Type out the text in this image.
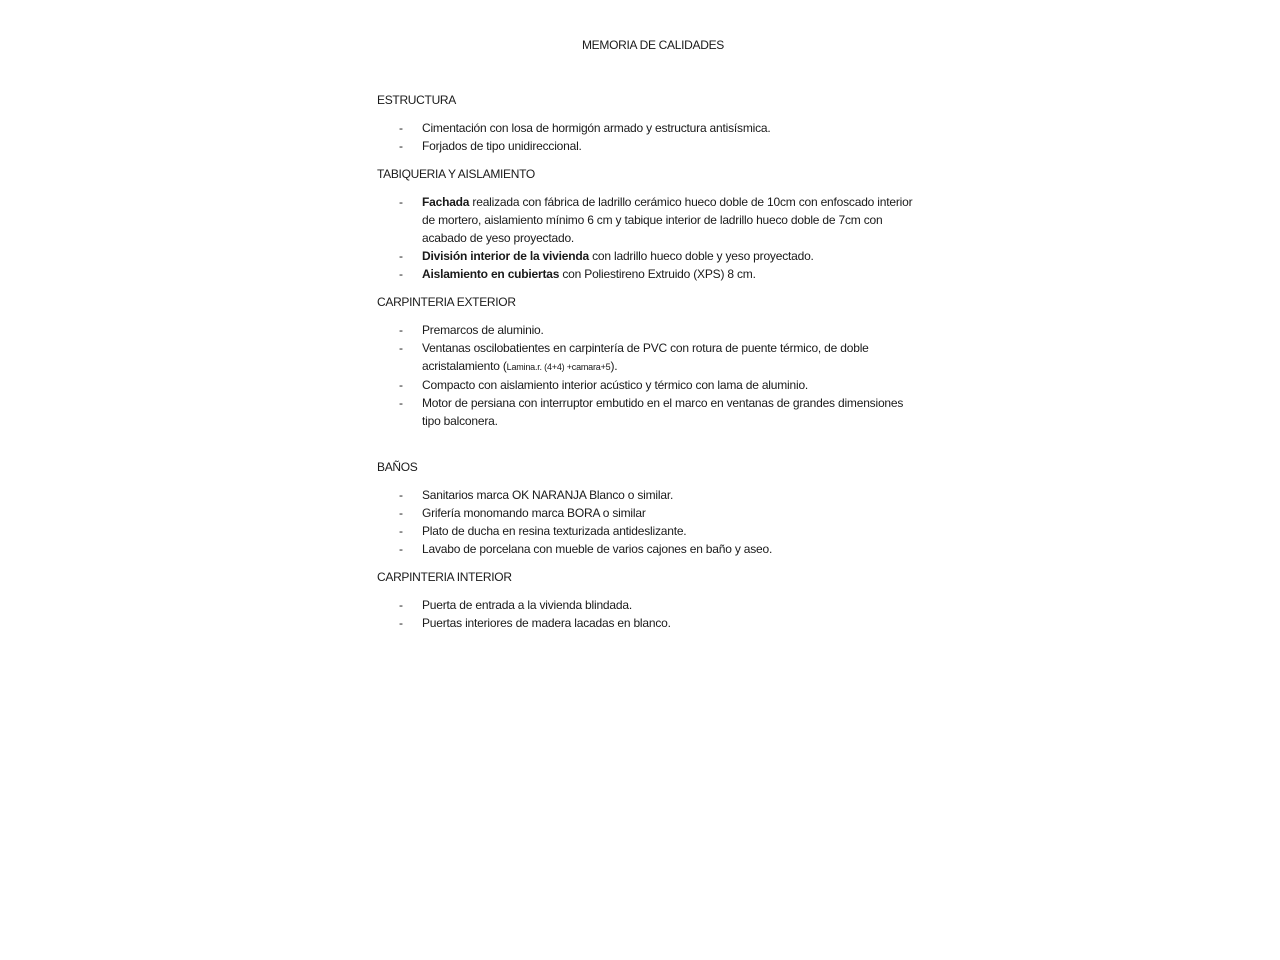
MEMORIA DE CALIDADES
ESTRUCTURA
- Cimentación con losa de hormigón armado y estructura antisísmica.
- Forjados de tipo unidireccional.
TABIQUERIA Y AISLAMIENTO
- Fachada realizada con fábrica de ladrillo cerámico hueco doble de 10cm con enfoscado interior de mortero, aislamiento mínimo 6 cm y tabique interior de ladrillo hueco doble de 7cm con acabado de yeso proyectado.
- División interior de la vivienda con ladrillo hueco doble y yeso proyectado.
- Aislamiento en cubiertas con Poliestireno Extruido (XPS) 8 cm.
CARPINTERIA EXTERIOR
- Premarcos de aluminio.
- Ventanas oscilobatientes en carpintería de PVC con rotura de puente térmico, de doble acristalamiento (Lamina.r. (4+4) +camara+5).
- Compacto con aislamiento interior acústico y térmico con lama de aluminio.
- Motor de persiana con interruptor embutido en el marco en ventanas de grandes dimensiones tipo balconera.
BAÑOS
- Sanitarios marca OK NARANJA Blanco o similar.
- Grifería monomando marca BORA o similar
- Plato de ducha en resina texturizada antideslizante.
- Lavabo de porcelana con mueble de varios cajones en baño y aseo.
CARPINTERIA INTERIOR
- Puerta de entrada a la vivienda blindada.
- Puertas interiores de madera lacadas en blanco.
